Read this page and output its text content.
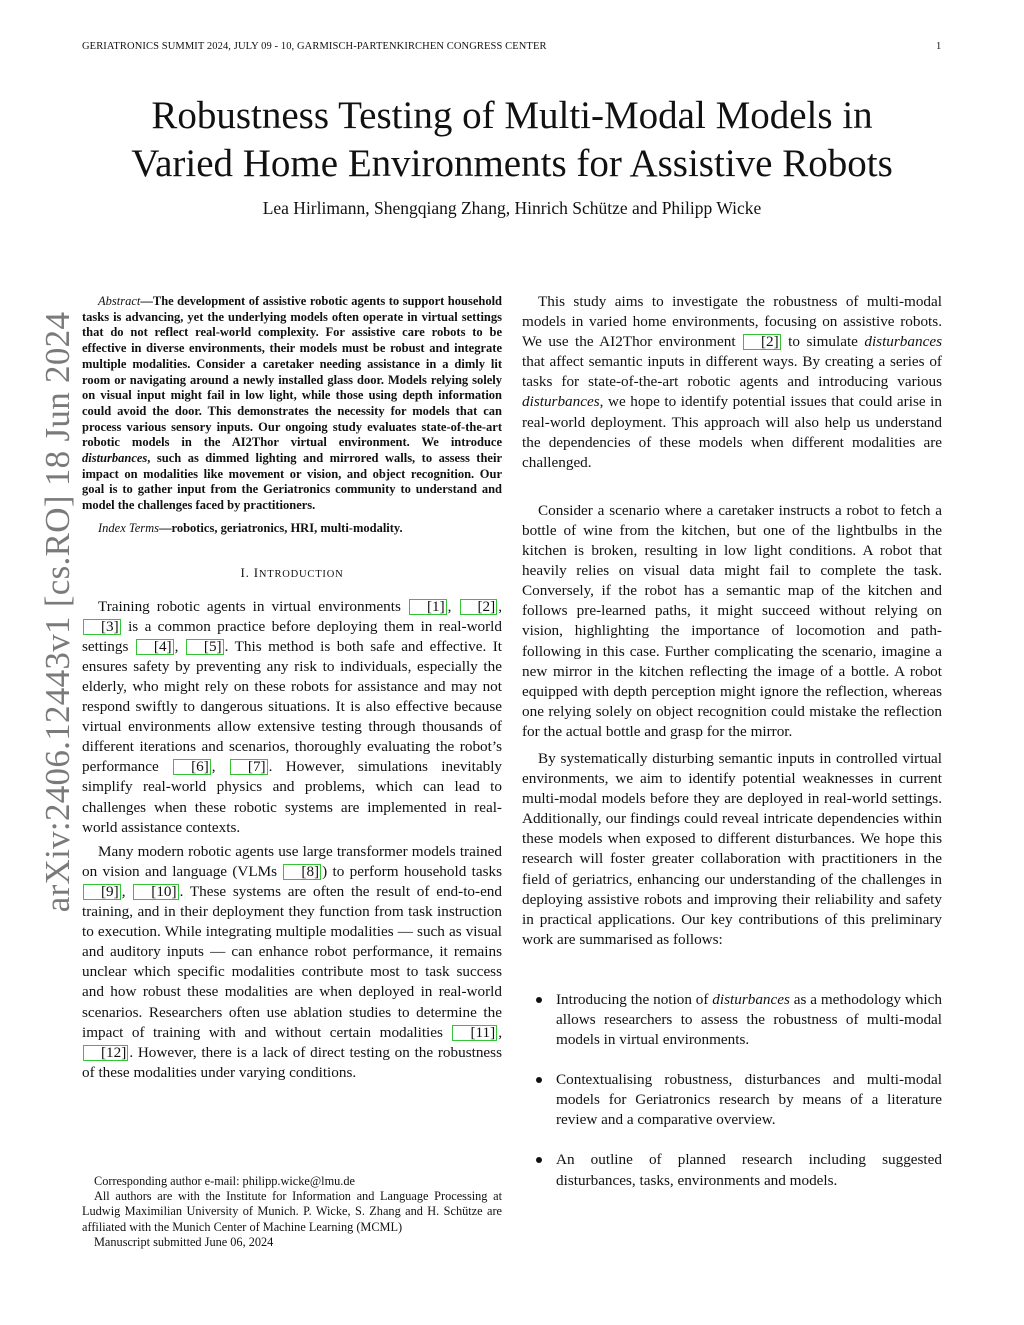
GERIATRONICS SUMMIT 2024, JULY 09 - 10, GARMISCH-PARTENKIRCHEN CONGRESS CENTER	1
arXiv:2406.12443v1 [cs.RO] 18 Jun 2024
Robustness Testing of Multi-Modal Models in
Varied Home Environments for Assistive Robots
Lea Hirlimann, Shengqiang Zhang, Hinrich Schütze and Philipp Wicke

Abstract—The development of assistive robotic agents to support household tasks is advancing, yet the underlying models often operate in virtual settings that do not reflect real-world complexity. For assistive care robots to be effective in diverse environments, their models must be robust and integrate multiple modalities. Consider a caretaker needing assistance in a dimly lit room or navigating around a newly installed glass door. Models relying solely on visual input might fail in low light, while those using depth information could avoid the door. This demonstrates the necessity for models that can process various sensory inputs. Our ongoing study evaluates state-of-the-art robotic models in the AI2Thor virtual environment. We introduce disturbances, such as dimmed lighting and mirrored walls, to assess their impact on modalities like movement or vision, and object recognition. Our goal is to gather input from the Geriatronics community to understand and model the challenges faced by practitioners.

Index Terms—robotics, geriatronics, HRI, multi-modality.

I. INTRODUCTION

Training robotic agents in virtual environments [1] , [2] , [3] is a common practice before deploying them in real-world settings [4] , [5] . This method is both safe and effective. It ensures safety by preventing any risk to individuals, especially the elderly, who might rely on these robots for assistance and may not respond swiftly to dangerous situations. It is also effective because virtual environments allow extensive testing through thousands of different iterations and scenarios, thoroughly evaluating the robot’s performance [6] , [7] . However, simulations inevitably simplify real-world physics and problems, which can lead to challenges when these robotic systems are implemented in real-world assistance contexts.

Many modern robotic agents use large transformer models trained on vision and language (VLMs [8] ) to perform household tasks [9] , [10] . These systems are often the result of end-to-end training, and in their deployment they function from task instruction to execution. While integrating multiple modalities — such as visual and auditory inputs — can enhance robot performance, it remains unclear which specific modalities contribute most to task success and how robust these modalities are when deployed in real-world scenarios. Researchers often use ablation studies to determine the impact of training with and without certain modalities [11] , [12] . However, there is a lack of direct testing on the robustness of these modalities under varying conditions.

Corresponding author e-mail: philipp.wicke@lmu.de

All authors are with the Institute for Information and Language Processing at Ludwig Maximilian University of Munich. P. Wicke, S. Zhang and H. Schütze are affiliated with the Munich Center of Machine Learning (MCML)

Manuscript submitted June 06, 2024

This study aims to investigate the robustness of multi-modal models in varied home environments, focusing on assistive robots. We use the AI2Thor environment [2] to simulate disturbances that affect semantic inputs in different ways. By creating a series of tasks for state-of-the-art robotic agents and introducing various disturbances, we hope to identify potential issues that could arise in real-world deployment. This approach will also help us understand the dependencies of these models when different modalities are challenged.

Consider a scenario where a caretaker instructs a robot to fetch a bottle of wine from the kitchen, but one of the lightbulbs in the kitchen is broken, resulting in low light conditions. A robot that heavily relies on visual data might fail to complete the task. Conversely, if the robot has a semantic map of the kitchen and follows pre-learned paths, it might succeed without relying on vision, highlighting the importance of locomotion and path-following in this case. Further complicating the scenario, imagine a new mirror in the kitchen reflecting the image of a bottle. A robot equipped with depth perception might ignore the reflection, whereas one relying solely on object recognition could mistake the reflection for the actual bottle and grasp for the mirror.

By systematically disturbing semantic inputs in controlled virtual environments, we aim to identify potential weaknesses in current multi-modal models before they are deployed in real-world settings. Additionally, our findings could reveal intricate dependencies within these models when exposed to different disturbances. We hope this research will foster greater collaboration with practitioners in the field of geriatrics, enhancing our understanding of the challenges in deploying assistive robots and improving their reliability and safety in practical applications. Our key contributions of this preliminary work are summarised as follows:

Introducing the notion of disturbances as a methodology which allows researchers to assess the robustness of multi-modal models in virtual environments.
Contextualising robustness, disturbances and multi-modal models for Geriatronics research by means of a literature review and a comparative overview.
An outline of planned research including suggested disturbances, tasks, environments and models.
